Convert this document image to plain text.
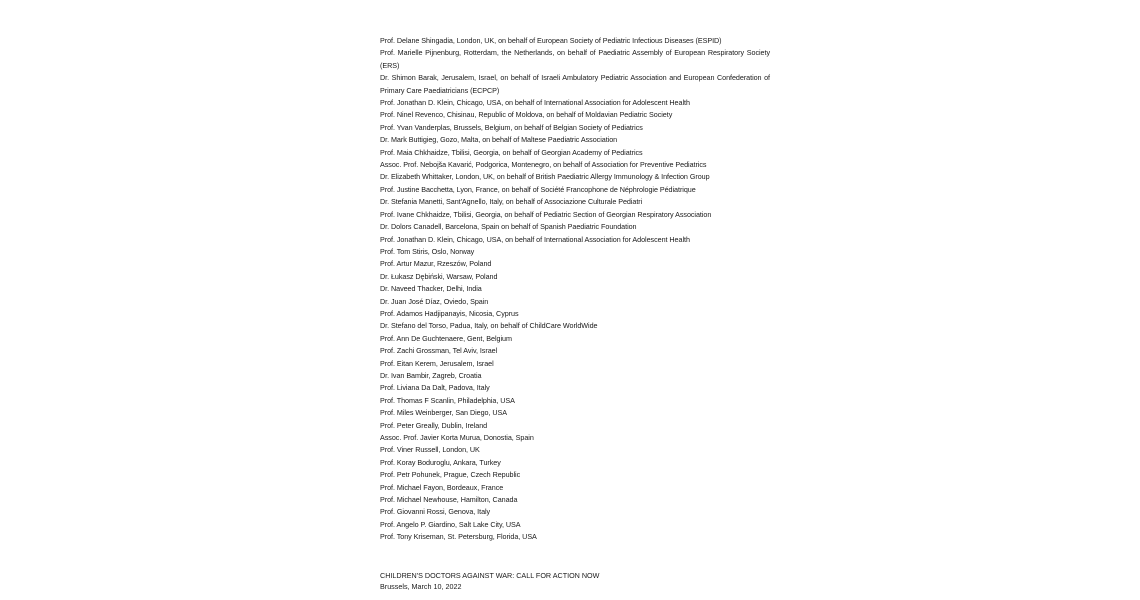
Prof. Delane Shingadia, London, UK, on behalf of European Society of Pediatric Infectious Diseases (ESPID)
Prof. Marielle Pijnenburg, Rotterdam, the Netherlands, on behalf of Paediatric Assembly of European Respiratory Society (ERS)
Dr. Shimon Barak, Jerusalem, Israel, on behalf of Israeli Ambulatory Pediatric Association and European Confederation of Primary Care Paediatricians (ECPCP)
Prof. Jonathan D. Klein, Chicago, USA, on behalf of International Association for Adolescent Health
Prof. Ninel Revenco, Chisinau, Republic of Moldova, on behalf of Moldavian Pediatric Society
Prof. Yvan Vanderplas, Brussels, Belgium, on behalf of Belgian Society of Pediatrics
Dr. Mark Buttigieg, Gozo, Malta, on behalf of Maltese Paediatric Association
Prof. Maia Chkhaidze, Tbilisi, Georgia, on behalf of Georgian Academy of Pediatrics
Assoc. Prof. Nebojša Kavarić, Podgorica, Montenegro, on behalf of Association for Preventive Pediatrics
Dr. Elizabeth Whittaker, London, UK, on behalf of British Paediatric Allergy Immunology & Infection Group
Prof. Justine Bacchetta, Lyon, France, on behalf of Société Francophone de Néphrologie Pédiatrique
Dr. Stefania Manetti, Sant'Agnello, Italy, on behalf of Associazione Culturale Pediatri
Prof. Ivane Chkhaidze, Tbilisi, Georgia, on behalf of Pediatric Section of Georgian Respiratory Association
Dr. Dolors Canadell, Barcelona, Spain on behalf of Spanish Paediatric Foundation
Prof. Jonathan D. Klein, Chicago, USA, on behalf of International Association for Adolescent Health
Prof. Tom Stiris, Oslo, Norway
Prof. Artur Mazur, Rzeszów, Poland
Dr. Łukasz Dębiński, Warsaw, Poland
Dr. Naveed Thacker, Delhi, India
Dr. Juan José Díaz, Oviedo, Spain
Prof. Adamos Hadjipanayis, Nicosia, Cyprus
Dr. Stefano del Torso, Padua, Italy, on behalf of ChildCare WorldWide
Prof. Ann De Guchtenaere, Gent, Belgium
Prof. Zachi Grossman, Tel Aviv, Israel
Prof. Eitan Kerem, Jerusalem, Israel
Dr. Ivan Bambir, Zagreb, Croatia
Prof. Liviana Da Dalt, Padova, Italy
Prof. Thomas F Scanlin, Philadelphia, USA
Prof. Miles Weinberger, San Diego, USA
Prof. Peter Greally, Dublin, Ireland
Assoc. Prof. Javier Korta Murua, Donostia, Spain
Prof. Viner Russell, London, UK
Prof. Koray Boduroglu, Ankara, Turkey
Prof. Petr Pohunek, Prague, Czech Republic
Prof. Michael Fayon, Bordeaux, France
Prof. Michael Newhouse, Hamilton, Canada
Prof. Giovanni Rossi, Genova, Italy
Prof. Angelo P. Giardino, Salt Lake City, USA
Prof. Tony Kriseman, St. Petersburg, Florida, USA
CHILDREN'S DOCTORS AGAINST WAR: CALL FOR ACTION NOW
Brussels, March 10, 2022
